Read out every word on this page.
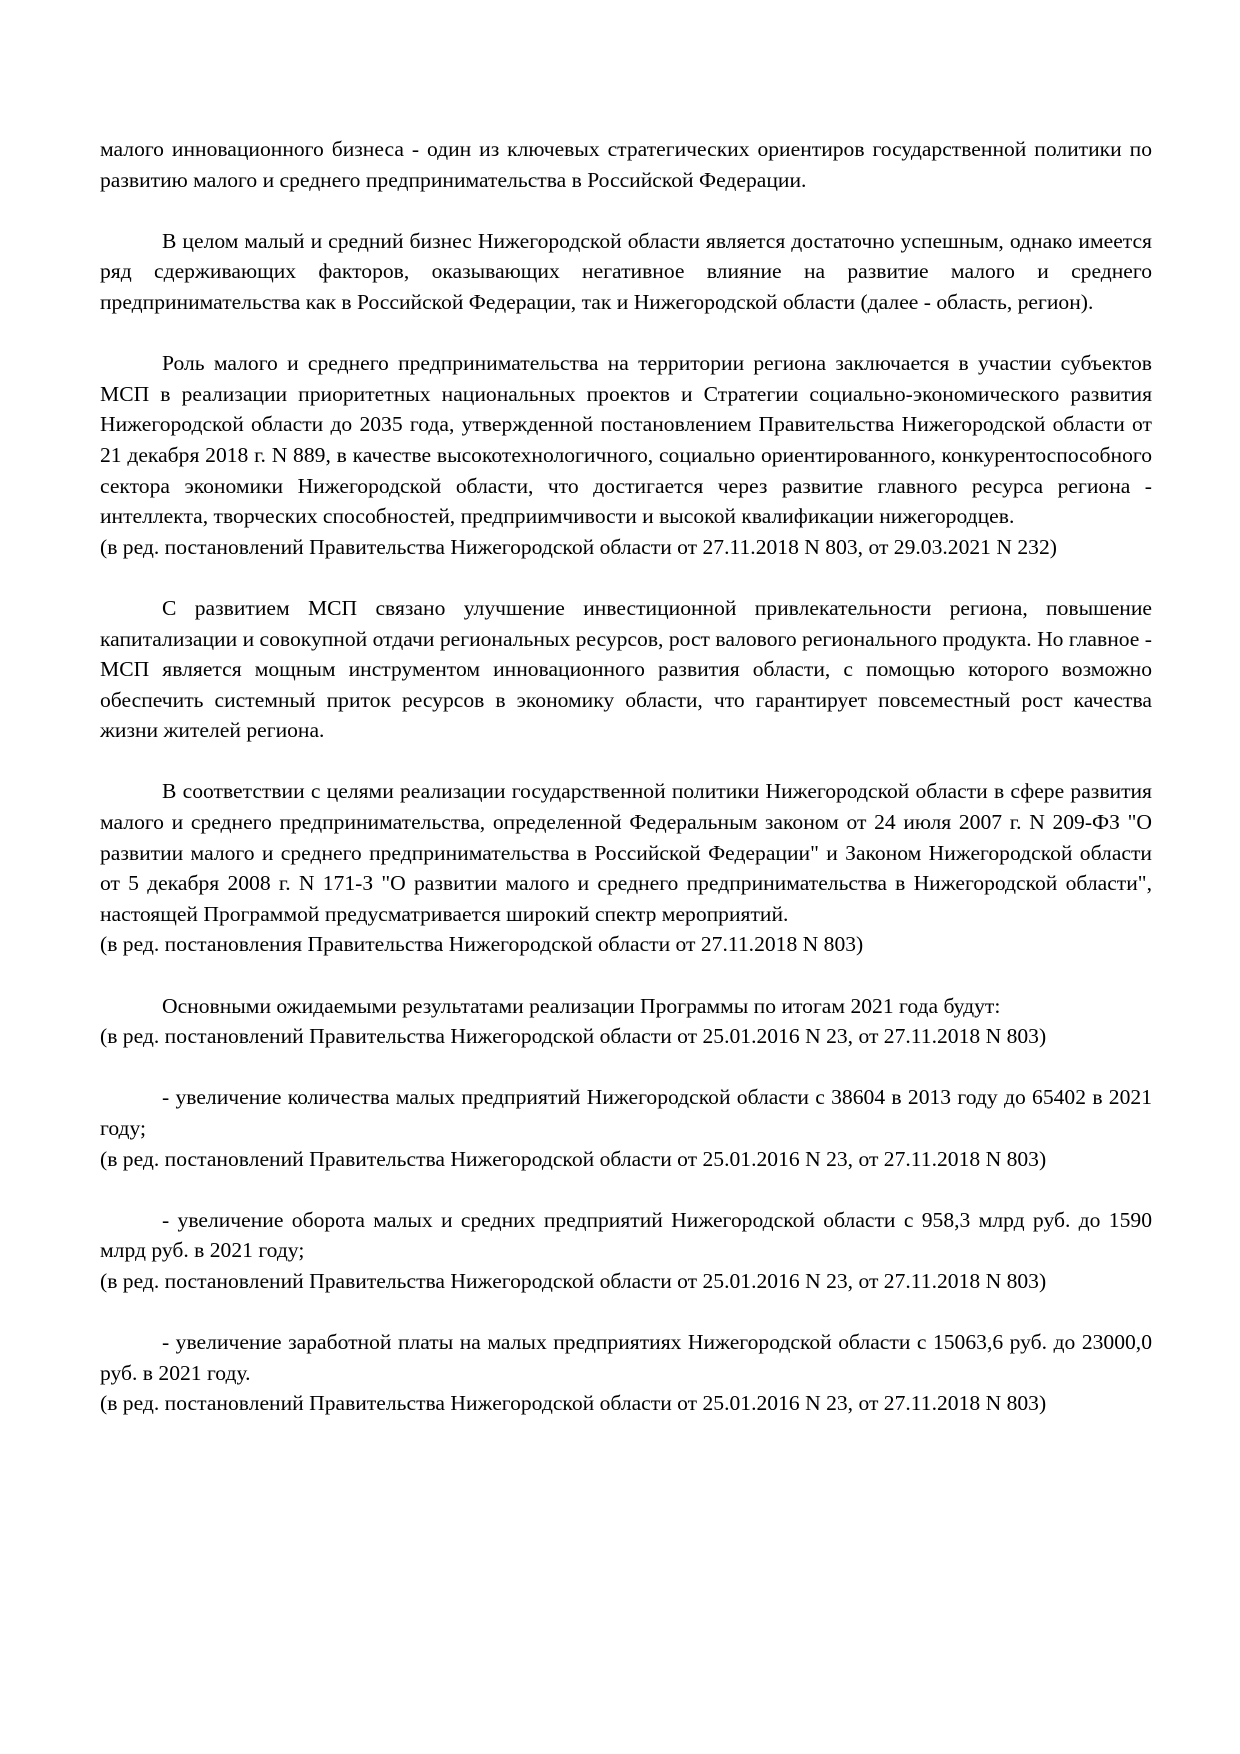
малого инновационного бизнеса - один из ключевых стратегических ориентиров государственной политики по развитию малого и среднего предпринимательства в Российской Федерации.

В целом малый и средний бизнес Нижегородской области является достаточно успешным, однако имеется ряд сдерживающих факторов, оказывающих негативное влияние на развитие малого и среднего предпринимательства как в Российской Федерации, так и Нижегородской области (далее - область, регион).

Роль малого и среднего предпринимательства на территории региона заключается в участии субъектов МСП в реализации приоритетных национальных проектов и Стратегии социально-экономического развития Нижегородской области до 2035 года, утвержденной постановлением Правительства Нижегородской области от 21 декабря 2018 г. N 889, в качестве высокотехнологичного, социально ориентированного, конкурентоспособного сектора экономики Нижегородской области, что достигается через развитие главного ресурса региона - интеллекта, творческих способностей, предприимчивости и высокой квалификации нижегородцев.

(в ред. постановлений Правительства Нижегородской области от 27.11.2018 N 803, от 29.03.2021 N 232)

С развитием МСП связано улучшение инвестиционной привлекательности региона, повышение капитализации и совокупной отдачи региональных ресурсов, рост валового регионального продукта. Но главное - МСП является мощным инструментом инновационного развития области, с помощью которого возможно обеспечить системный приток ресурсов в экономику области, что гарантирует повсеместный рост качества жизни жителей региона.

В соответствии с целями реализации государственной политики Нижегородской области в сфере развития малого и среднего предпринимательства, определенной Федеральным законом от 24 июля 2007 г. N 209-ФЗ "О развитии малого и среднего предпринимательства в Российской Федерации" и Законом Нижегородской области от 5 декабря 2008 г. N 171-З "О развитии малого и среднего предпринимательства в Нижегородской области", настоящей Программой предусматривается широкий спектр мероприятий.

(в ред. постановления Правительства Нижегородской области от 27.11.2018 N 803)

Основными ожидаемыми результатами реализации Программы по итогам 2021 года будут:

(в ред. постановлений Правительства Нижегородской области от 25.01.2016 N 23, от 27.11.2018 N 803)

- увеличение количества малых предприятий Нижегородской области с 38604 в 2013 году до 65402 в 2021 году;

(в ред. постановлений Правительства Нижегородской области от 25.01.2016 N 23, от 27.11.2018 N 803)

- увеличение оборота малых и средних предприятий Нижегородской области с 958,3 млрд руб. до 1590 млрд руб. в 2021 году;

(в ред. постановлений Правительства Нижегородской области от 25.01.2016 N 23, от 27.11.2018 N 803)

- увеличение заработной платы на малых предприятиях Нижегородской области с 15063,6 руб. до 23000,0 руб. в 2021 году.

(в ред. постановлений Правительства Нижегородской области от 25.01.2016 N 23, от 27.11.2018 N 803)
